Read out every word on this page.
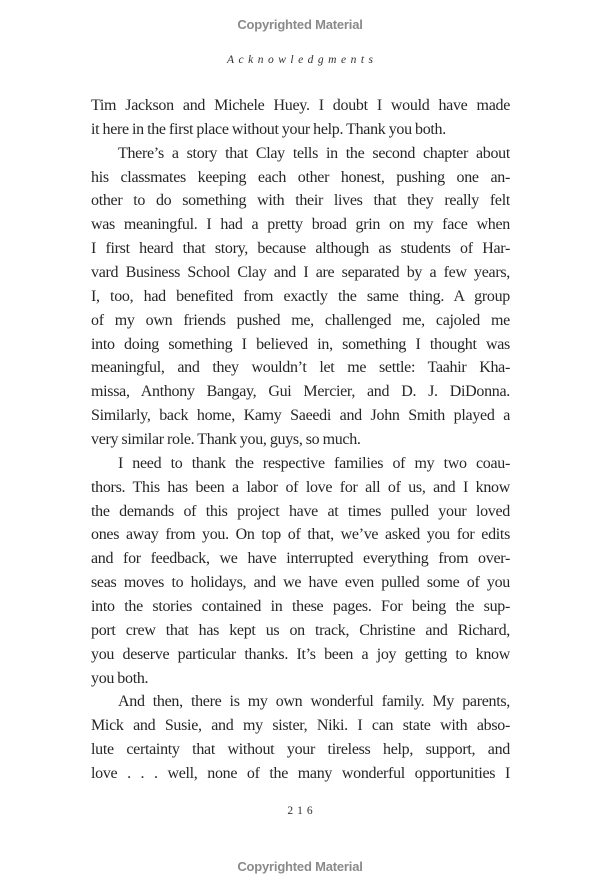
Copyrighted Material
Acknowledgments
Tim Jackson and Michele Huey. I doubt I would have made
it here in the first place without your help. Thank you both.
There’s a story that Clay tells in the second chapter about
his classmates keeping each other honest, pushing one an-
other to do something with their lives that they really felt
was meaningful. I had a pretty broad grin on my face when
I first heard that story, because although as students of Har-
vard Business School Clay and I are separated by a few years,
I, too, had benefited from exactly the same thing. A group
of my own friends pushed me, challenged me, cajoled me
into doing something I believed in, something I thought was
meaningful, and they wouldn’t let me settle: Taahir Kha-
missa, Anthony Bangay, Gui Mercier, and D. J. DiDonna.
Similarly, back home, Kamy Saeedi and John Smith played a
very similar role. Thank you, guys, so much.
I need to thank the respective families of my two coau-
thors. This has been a labor of love for all of us, and I know
the demands of this project have at times pulled your loved
ones away from you. On top of that, we’ve asked you for edits
and for feedback, we have interrupted everything from over-
seas moves to holidays, and we have even pulled some of you
into the stories contained in these pages. For being the sup-
port crew that has kept us on track, Christine and Richard,
you deserve particular thanks. It’s been a joy getting to know
you both.
And then, there is my own wonderful family. My parents,
Mick and Susie, and my sister, Niki. I can state with abso-
lute certainty that without your tireless help, support, and
love . . . well, none of the many wonderful opportunities I
216
Copyrighted Material
